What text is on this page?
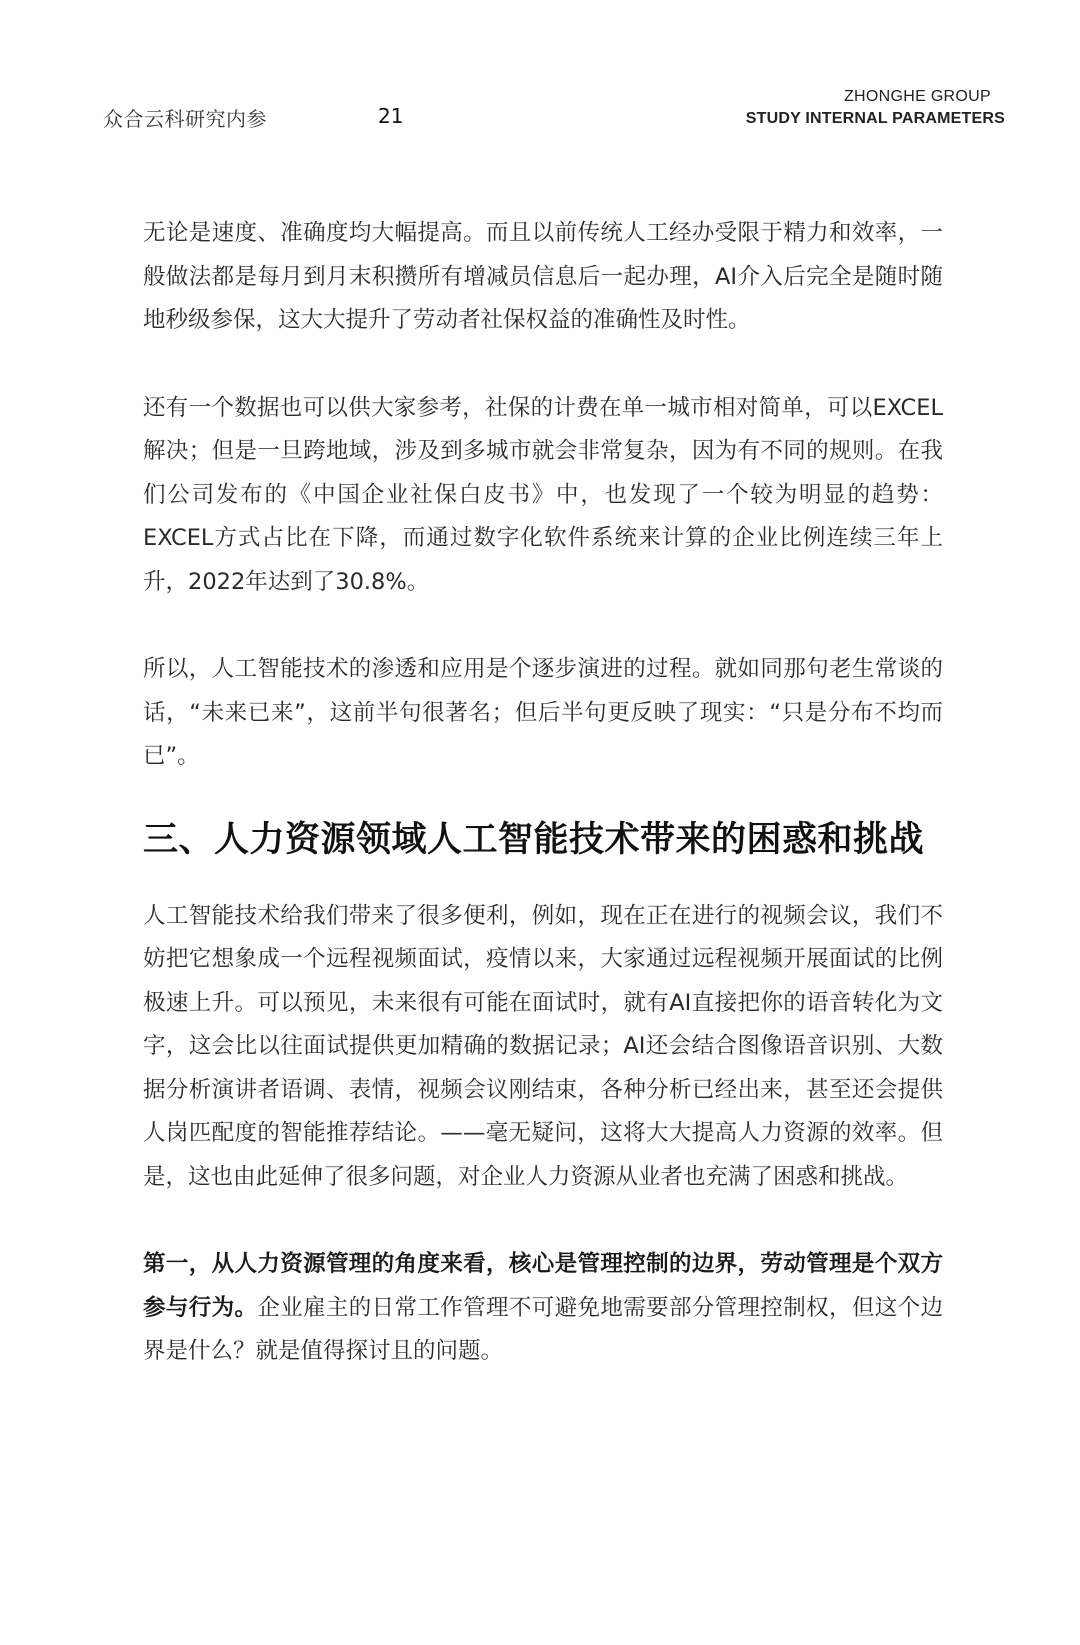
众合云科研究内参	21
ZHONGHE GROUP
STUDY INTERNAL PARAMETERS

无论是速度、准确度均大幅提高。而且以前传统人工经办受限于精力和效率，一般做法都是每月到月末积攒所有增减员信息后一起办理，AI介入后完全是随时随地秒级参保，这大大提升了劳动者社保权益的准确性及时性。

还有一个数据也可以供大家参考，社保的计费在单一城市相对简单，可以EXCEL解决；但是一旦跨地域，涉及到多城市就会非常复杂，因为有不同的规则。在我们公司发布的《中国企业社保白皮书》中，也发现了一个较为明显的趋势：EXCEL方式占比在下降，而通过数字化软件系统来计算的企业比例连续三年上升，2022年达到了30.8%。

所以，人工智能技术的渗透和应用是个逐步演进的过程。就如同那句老生常谈的话，“未来已来”，这前半句很著名；但后半句更反映了现实：“只是分布不均而已”。

三、人力资源领域人工智能技术带来的困惑和挑战

人工智能技术给我们带来了很多便利，例如，现在正在进行的视频会议，我们不妨把它想象成一个远程视频面试，疫情以来，大家通过远程视频开展面试的比例极速上升。可以预见，未来很有可能在面试时，就有AI直接把你的语音转化为文字，这会比以往面试提供更加精确的数据记录；AI还会结合图像语音识别、大数据分析演讲者语调、表情，视频会议刚结束，各种分析已经出来，甚至还会提供人岗匹配度的智能推荐结论。——毫无疑问，这将大大提高人力资源的效率。但是，这也由此延伸了很多问题，对企业人力资源从业者也充满了困惑和挑战。

第一，从人力资源管理的角度来看，核心是管理控制的边界，劳动管理是个双方参与行为。企业雇主的日常工作管理不可避免地需要部分管理控制权，但这个边界是什么？就是值得探讨且的问题。
